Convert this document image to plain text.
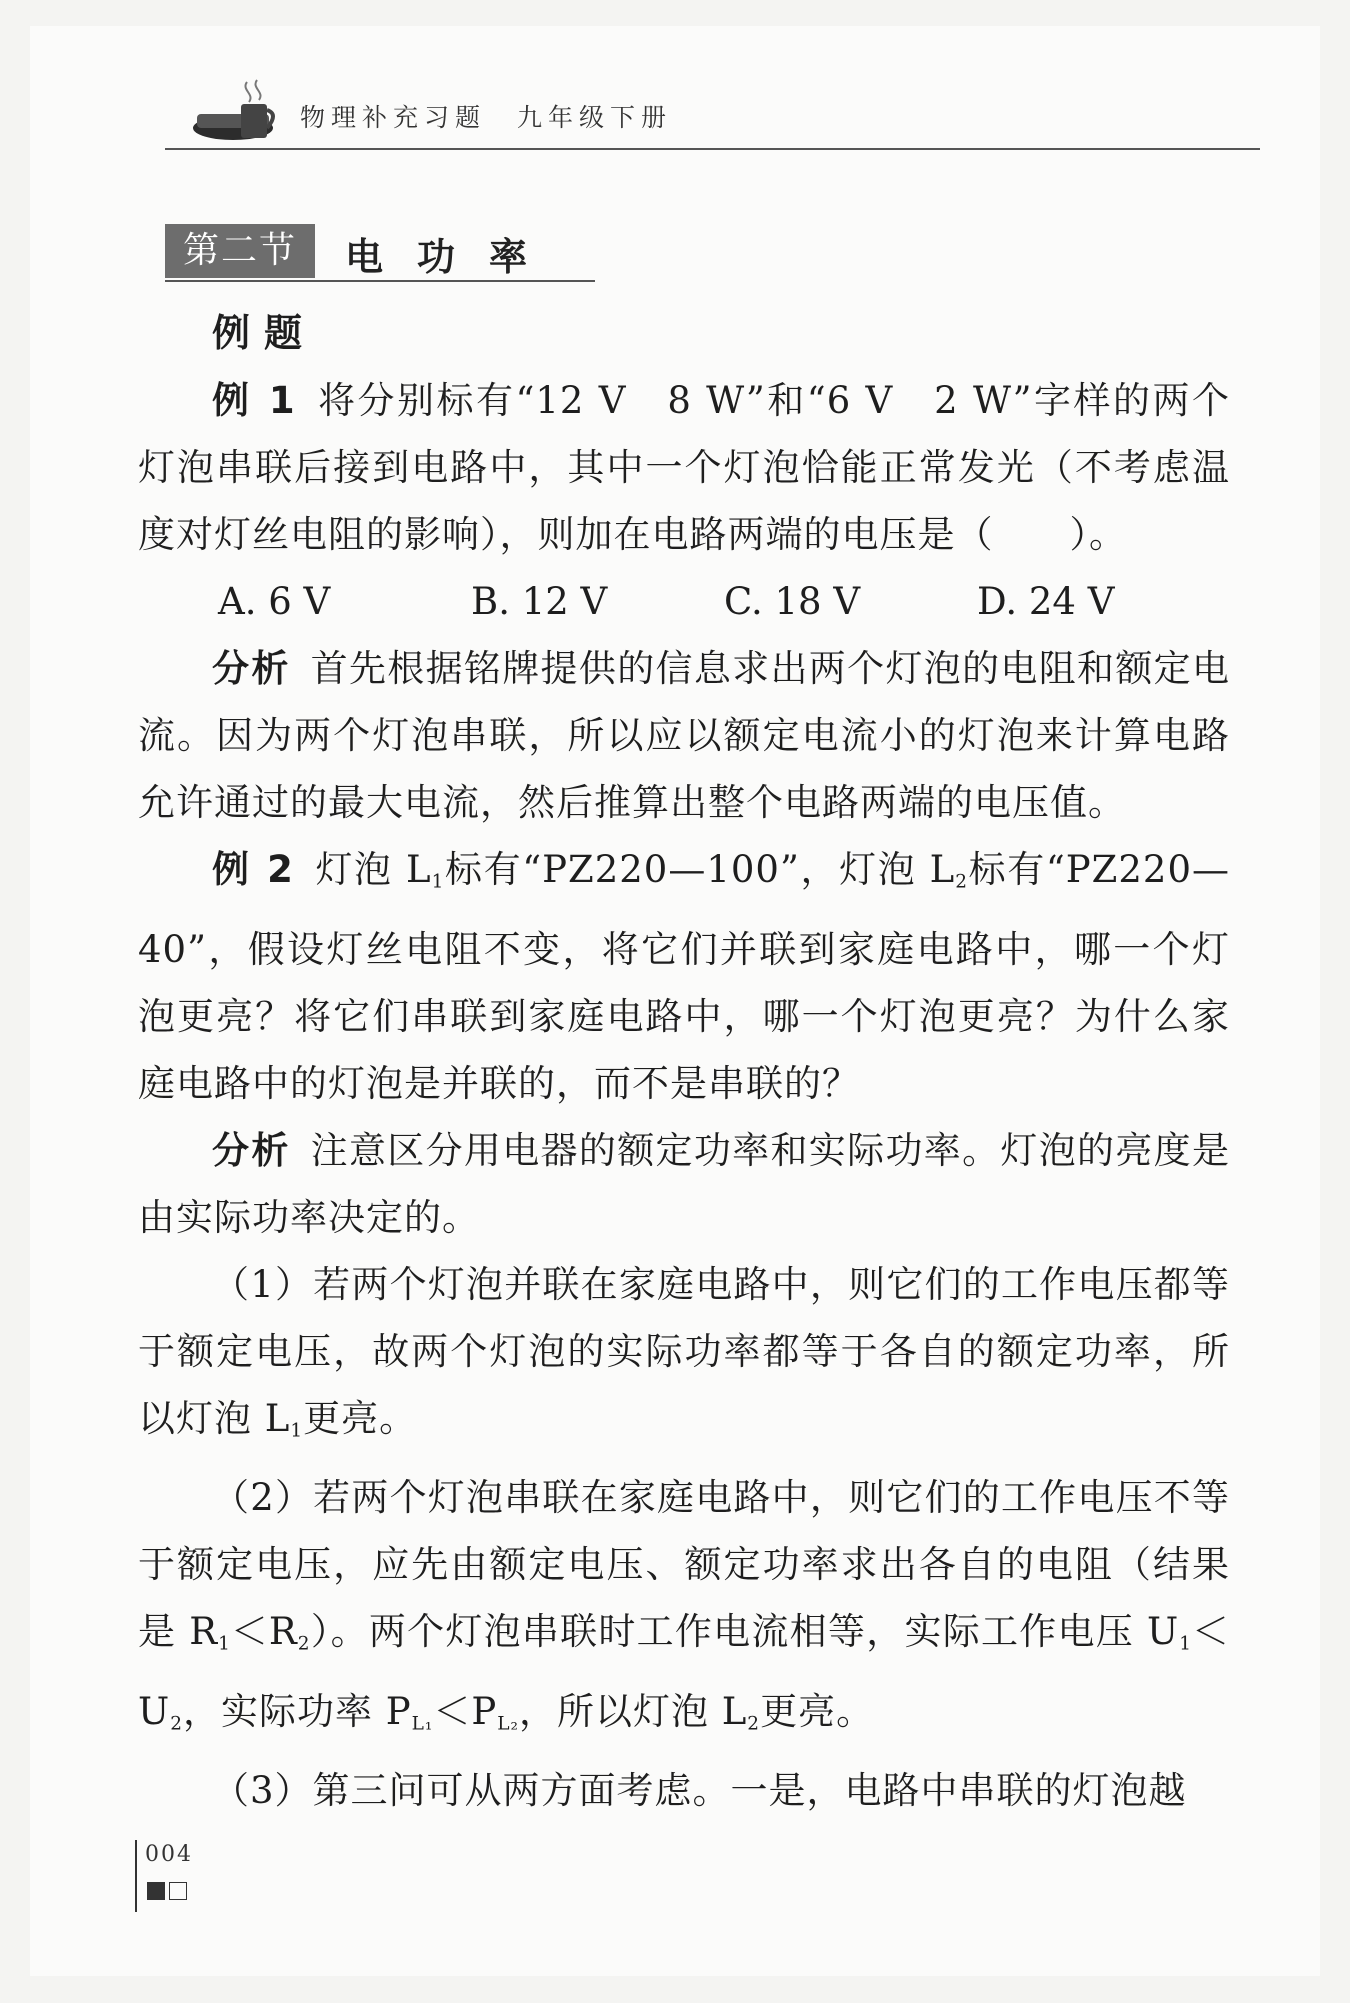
物理补充习题　九年级下册
第二节	电功率

例题

例 1 将分别标有“12 V　8 W”和“6 V　2 W”字样的两个灯泡串联后接到电路中，其中一个灯泡恰能正常发光（不考虑温度对灯丝电阻的影响），则加在电路两端的电压是（　　）。

A. 6 V	B. 12 V	C. 18 V	D. 24 V

分析 首先根据铭牌提供的信息求出两个灯泡的电阻和额定电流。因为两个灯泡串联，所以应以额定电流小的灯泡来计算电路允许通过的最大电流，然后推算出整个电路两端的电压值。

例 2 灯泡 $L_1$标有“PZ220—100”，灯泡 $L_2$标有“PZ220—40”，假设灯丝电阻不变，将它们并联到家庭电路中，哪一个灯泡更亮？将它们串联到家庭电路中，哪一个灯泡更亮？为什么家庭电路中的灯泡是并联的，而不是串联的？

分析 注意区分用电器的额定功率和实际功率。灯泡的亮度是由实际功率决定的。

（1）若两个灯泡并联在家庭电路中，则它们的工作电压都等于额定电压，故两个灯泡的实际功率都等于各自的额定功率，所以灯泡 $L_1$更亮。

（2）若两个灯泡串联在家庭电路中，则它们的工作电压不等于额定电压，应先由额定电压、额定功率求出各自的电阻（结果是 $R_1<R_2$）。两个灯泡串联时工作电流相等，实际工作电压 $U_1<U_2$，实际功率 $P_{L_1}<P_{L_2}$，所以灯泡 $L_2$更亮。

（3）第三问可从两方面考虑。一是，电路中串联的灯泡越

004
